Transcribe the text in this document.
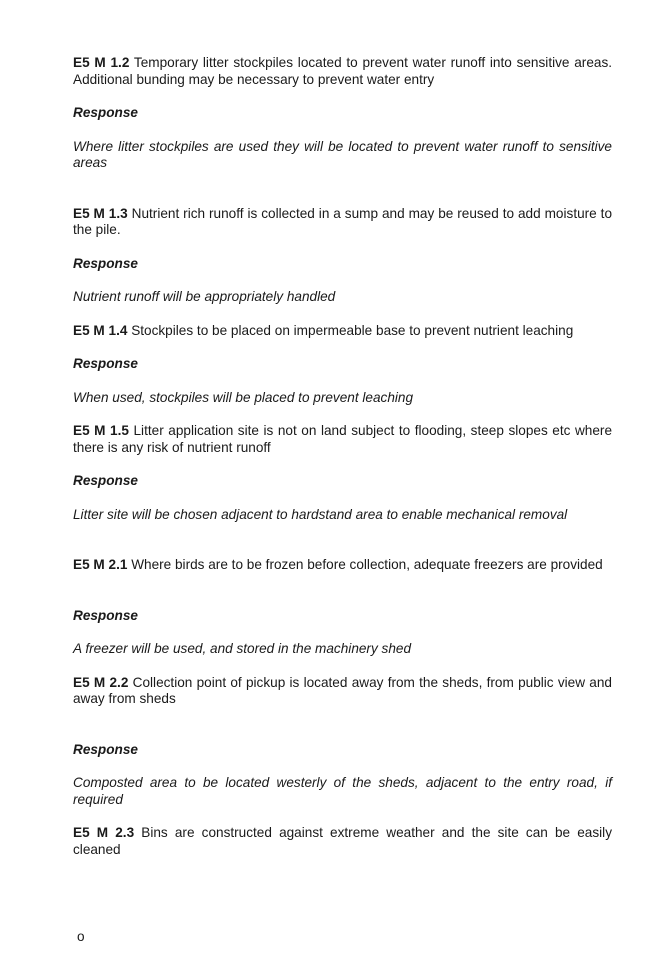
E5 M 1.2 Temporary litter stockpiles located to prevent water runoff into sensitive areas. Additional bunding may be necessary to prevent water entry

Response

Where litter stockpiles are used they will be located to prevent water runoff to sensitive areas

E5 M 1.3 Nutrient rich runoff is collected in a sump and may be reused to add moisture to the pile.

Response

Nutrient runoff will be appropriately handled

E5 M 1.4 Stockpiles to be placed on impermeable base to prevent nutrient leaching

Response

When used, stockpiles will be placed to prevent leaching

E5 M 1.5 Litter application site is not on land subject to flooding, steep slopes etc where there is any risk of nutrient runoff

Response

Litter site will be chosen adjacent to hardstand area to enable mechanical removal

E5 M 2.1 Where birds are to be frozen before collection, adequate freezers are provided

Response

A freezer will be used, and stored in the machinery shed

E5 M 2.2 Collection point of pickup is located away from the sheds, from public view and away from sheds

Response

Composted area to be located westerly of the sheds, adjacent to the entry road, if required

E5 M 2.3 Bins are constructed against extreme weather and the site can be easily cleaned

o
